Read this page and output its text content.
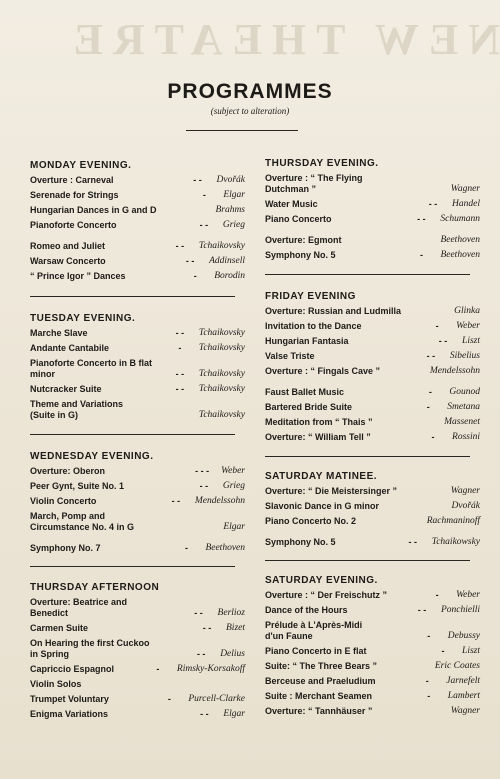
NEW THEATRE
PROGRAMMES
(subject to alteration)
MONDAY EVENING.
Overture : Carneval	- -	Dvořák
Serenade for Strings	-	Elgar
Hungarian Dances in G and D	Brahms
Pianoforte Concerto	- -	Grieg
Romeo and Juliet	- -	Tchaikovsky
Warsaw Concerto	- -	Addinsell
“ Prince Igor ” Dances	-	Borodin
TUESDAY EVENING.
Marche Slave	- -	Tchaikovsky
Andante Cantabile	-	Tchaikovsky
Pianoforte Concerto in B flat
minor	- -	Tchaikovsky
Nutcracker Suite	- -	Tchaikovsky
Theme and Variations
(Suite in G)	Tchaikovsky
WEDNESDAY EVENING.
Overture: Oberon	- - -	Weber
Peer Gynt, Suite No. 1	- -	Grieg
Violin Concerto	- -	Mendelssohn
March, Pomp and
Circumstance No. 4 in G	Elgar
Symphony No. 7	-	Beethoven
THURSDAY AFTERNOON
Overture: Beatrice and
Benedict	- -	Berlioz
Carmen Suite	- -	Bizet
On Hearing the first Cuckoo
in Spring	- -	Delius
Capriccio Espagnol	-	Rimsky-Korsakoff
Violin Solos
Trumpet Voluntary	-	Purcell-Clarke
Enigma Variations	- -	Elgar
THURSDAY EVENING.
Overture : “ The Flying
Dutchman ”	Wagner
Water Music	- -	Handel
Piano Concerto	- -	Schumann
Overture: Egmont	Beethoven
Symphony No. 5	-	Beethoven
FRIDAY EVENING
Overture: Russian and Ludmilla	Glinka
Invitation to the Dance	-	Weber
Hungarian Fantasia	- -	Liszt
Valse Triste	- -	Sibelius
Overture : “ Fingals Cave ”	Mendelssohn
Faust Ballet Music	-	Gounod
Bartered Bride Suite	-	Smetana
Meditation from “ Thais ”	Massenet
Overture: “ William Tell ”	-	Rossini
SATURDAY MATINEE.
Overture: “ Die Meistersinger ”	Wagner
Slavonic Dance in G minor	Dvořák
Piano Concerto No. 2	Rachmaninoff
Symphony No. 5	- -	Tchaikowsky
SATURDAY EVENING.
Overture : “ Der Freischutz ”	-	Weber
Dance of the Hours	- -	Ponchielli
Prélude à L'Après-Midi
d'un Faune	-	Debussy
Piano Concerto in E flat	-	Liszt
Suite: “ The Three Bears ”	Eric Coates
Berceuse and Praeludium	-	Jarnefelt
Suite : Merchant Seamen	-	Lambert
Overture: “ Tannhäuser ”	Wagner
